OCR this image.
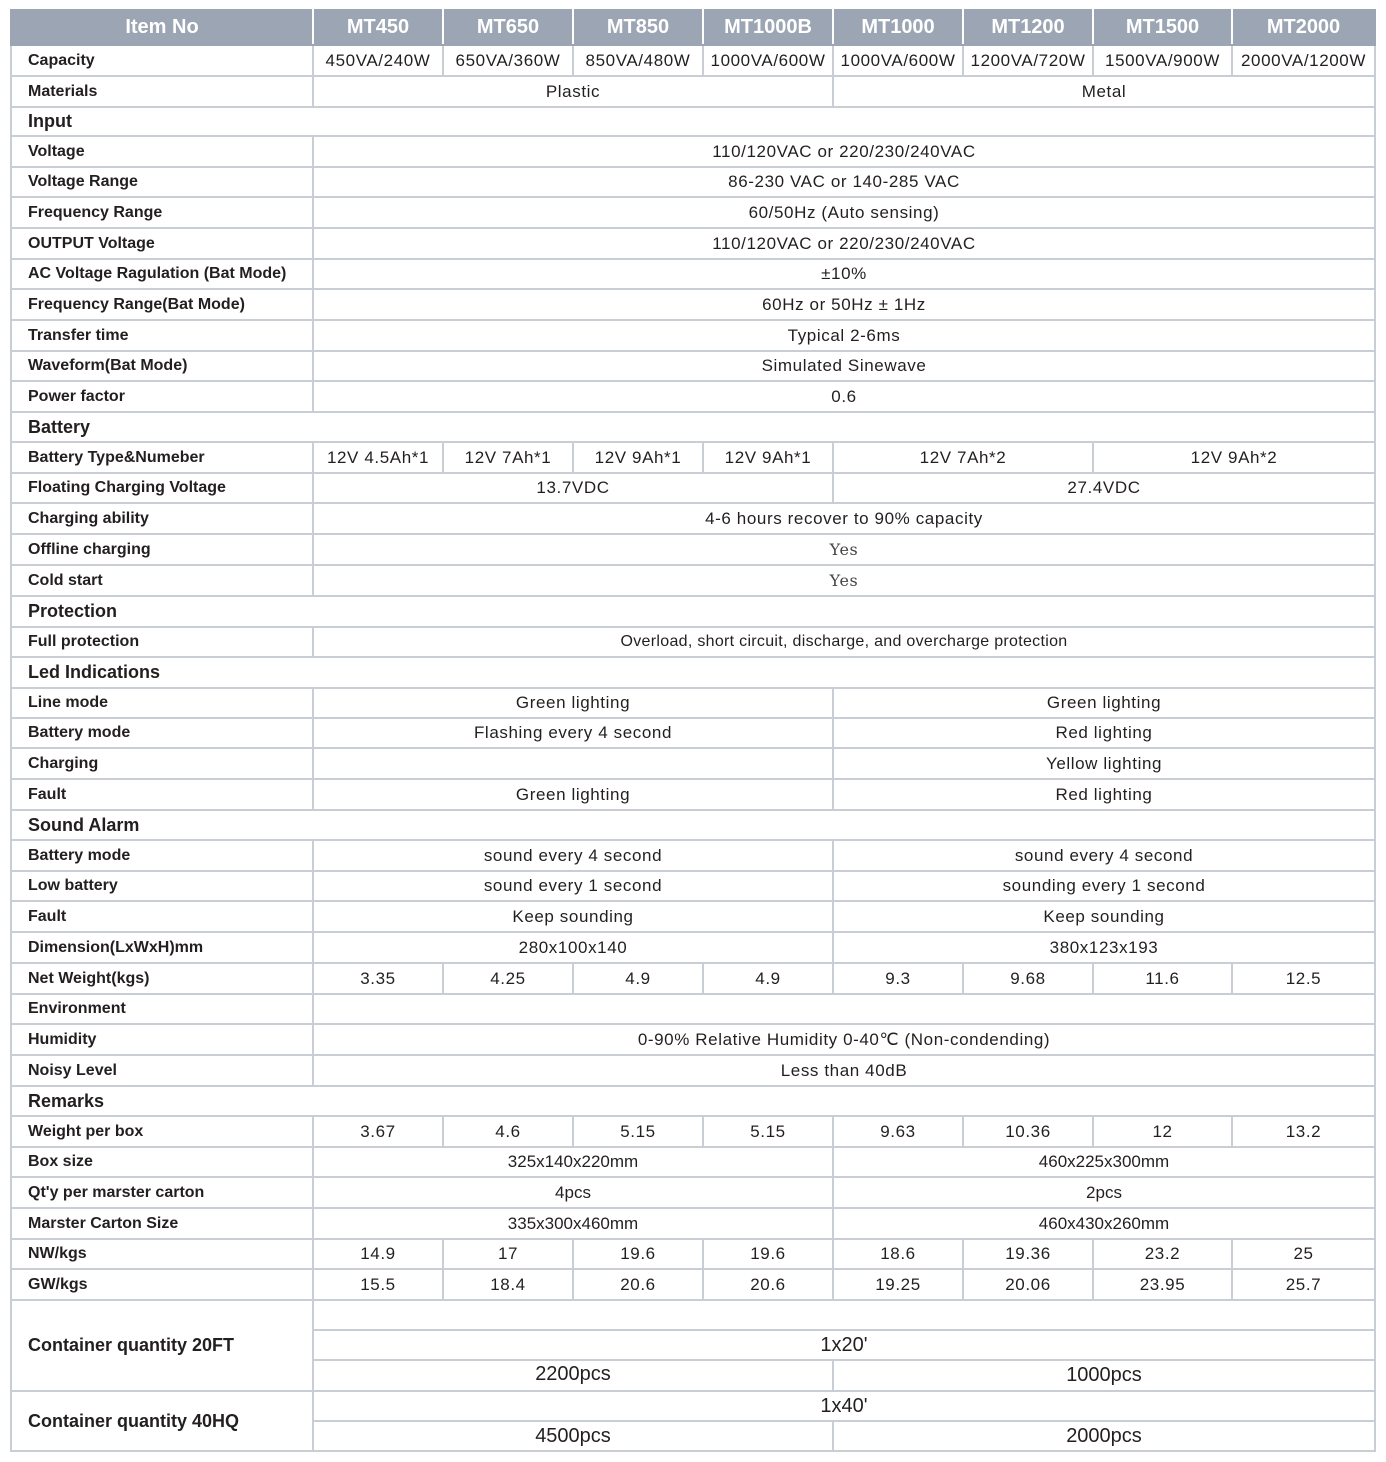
Item No	MT450	MT650	MT850	MT1000B	MT1000	MT1200	MT1500	MT2000
Capacity	450VA/240W	650VA/360W	850VA/480W	1000VA/600W	1000VA/600W	1200VA/720W	1500VA/900W	2000VA/1200W
Materials	Plastic				Metal			
Input								
Voltage	110/120VAC or 220/230/240VAC							
Voltage Range	86-230 VAC or 140-285 VAC							
Frequency Range	60/50Hz (Auto sensing)							
OUTPUT Voltage	110/120VAC or 220/230/240VAC							
AC Voltage Ragulation (Bat Mode)	±10%							
Frequency Range(Bat Mode)	60Hz or 50Hz ± 1Hz							
Transfer time	Typical 2-6ms							
Waveform(Bat Mode)	Simulated Sinewave							
Power factor	0.6							
Battery								
Battery Type&Numeber	12V 4.5Ah*1	12V 7Ah*1	12V 9Ah*1	12V 9Ah*1	12V 7Ah*2		12V 9Ah*2	
Floating Charging Voltage	13.7VDC				27.4VDC			
Charging ability	4-6 hours recover to 90% capacity							
Offline charging	Yes							
Cold start	Yes							
Protection								
Full protection	Overload, short circuit, discharge, and overcharge protection							
Led Indications								
Line mode	Green lighting				Green lighting			
Battery mode	Flashing every 4 second				Red lighting			
Charging					Yellow lighting			
Fault	Green lighting				Red lighting			
Sound Alarm								
Battery mode	sound every 4 second				sound every 4 second			
Low battery	sound every 1 second				sounding every 1 second			
Fault	Keep sounding				Keep sounding			
Dimension(LxWxH)mm	280x100x140				380x123x193			
Net Weight(kgs)	3.35	4.25	4.9	4.9	9.3	9.68	11.6	12.5
Environment								
Humidity	0-90% Relative Humidity 0-40℃ (Non-condending)							
Noisy Level	Less than 40dB							
Remarks								
Weight per box	3.67	4.6	5.15	5.15	9.63	10.36	12	13.2
Box size	325x140x220mm				460x225x300mm			
Qt'y per marster carton	4pcs				2pcs			
Marster Carton Size	335x300x460mm				460x430x260mm			
NW/kgs	14.9	17	19.6	19.6	18.6	19.36	23.2	25
GW/kgs	15.5	18.4	20.6	20.6	19.25	20.06	23.95	25.7
Container quantity 20FT								
	1x20'							
	2200pcs				1000pcs			
Container quantity 40HQ	1x40'							
	4500pcs				2000pcs			
